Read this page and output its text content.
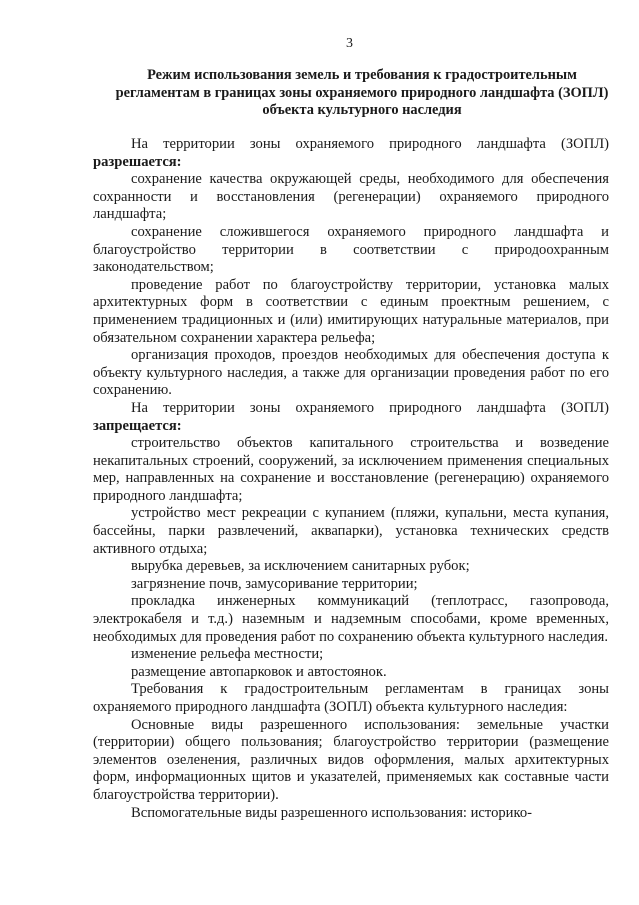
3
Режим использования земель и требования к градостроительным регламентам в границах зоны охраняемого природного ландшафта (ЗОПЛ) объекта культурного наследия

На территории зоны охраняемого природного ландшафта (ЗОПЛ) разрешается:

сохранение качества окружающей среды, необходимого для обеспечения сохранности и восстановления (регенерации) охраняемого природного ландшафта;

сохранение сложившегося охраняемого природного ландшафта и благоустройство территории в соответствии с природоохранным законодательством;

проведение работ по благоустройству территории, установка малых архитектурных форм в соответствии с единым проектным решением, с применением традиционных и (или) имитирующих натуральные материалов, при обязательном сохранении характера рельефа;

организация проходов, проездов необходимых для обеспечения доступа к объекту культурного наследия, а также для организации проведения работ по его сохранению.

На территории зоны охраняемого природного ландшафта (ЗОПЛ) запрещается:

строительство объектов капитального строительства и возведение некапитальных строений, сооружений, за исключением применения специальных мер, направленных на сохранение и восстановление (регенерацию) охраняемого природного ландшафта;

устройство мест рекреации с купанием (пляжи, купальни, места купания, бассейны, парки развлечений, аквапарки), установка технических средств активного отдыха;

вырубка деревьев, за исключением санитарных рубок;

загрязнение почв, замусоривание территории;

прокладка инженерных коммуникаций (теплотрасс, газопровода, электрокабеля и т.д.) наземным и надземным способами, кроме временных, необходимых для проведения работ по сохранению объекта культурного наследия.

изменение рельефа местности;

размещение автопарковок и автостоянок.

Требования к градостроительным регламентам в границах зоны охраняемого природного ландшафта (ЗОПЛ) объекта культурного наследия:

Основные виды разрешенного использования: земельные участки (территории) общего пользования; благоустройство территории (размещение элементов озеленения, различных видов оформления, малых архитектурных форм, информационных щитов и указателей, применяемых как составные части благоустройства территории).

Вспомогательные виды разрешенного использования: историко-
